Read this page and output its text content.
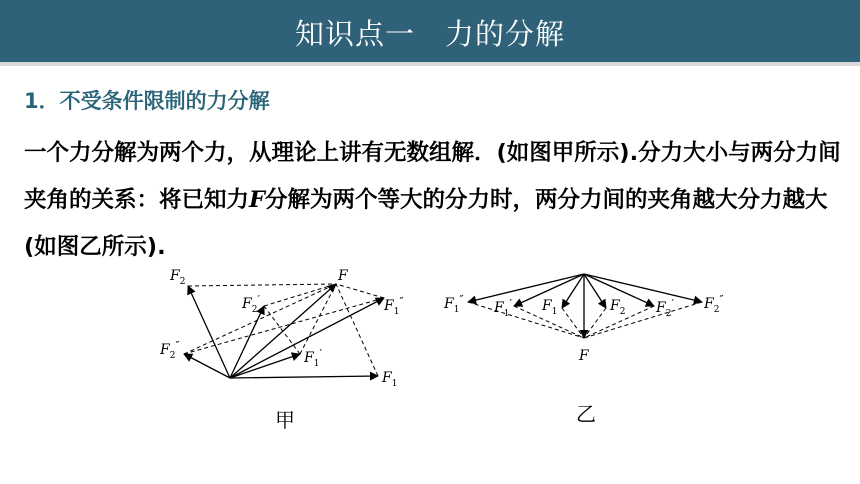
知识点一　力的分解
1．不受条件限制的力分解
一个力分解为两个力，从理论上讲有无数组解．(如图甲所示).分力大小与两分力间夹角的关系：将已知力F分解为两个等大的分力时，两分力间的夹角越大分力越大(如图乙所示).
$F_2$	F
$F_2'$	$F_1''$
$F_2''$
$F_1'$
$F_1$
甲
$F_1''$
$F_1'$ $F_1$	$F_2$ $F_2'$ $F_2''$
F
乙
